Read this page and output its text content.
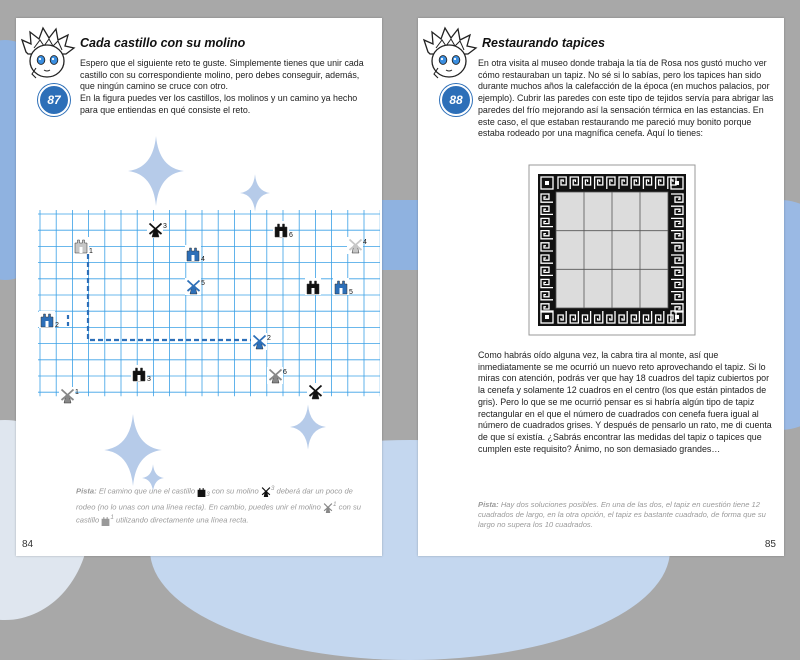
87
Cada castillo con su molino

Espero que el siguiente reto te guste. Simplemente tienes que unir cada castillo con su correspondiente molino, pero debes conseguir, además, que ningún camino se cruce con otro.

En la figura puedes ver los castillos, los molinos y un camino ya hecho para que entiendas en qué consiste el reto.

1
2
3
4
5
6
1
2
3
4
5
6
Pista: El camino que une el castillo $_3$ con su molino $^3$ deberá dar un poco de rodeo (no lo unas con una línea recta). En cambio, puedes unir el molino $^1$ con su castillo $^1$ utilizando directamente una línea recta.
84
88
Restaurando tapices
En otra visita al museo donde trabaja la tía de Rosa nos gustó mucho ver cómo restauraban un tapiz. No sé si lo sabías, pero los tapices han sido durante muchos años la calefacción de la época (en muchos palacios, por ejemplo). Cubrir las paredes con este tipo de tejidos servía para abrigar las paredes del frío mejorando así la sensación térmica en las estancias. En este caso, el que estaban restaurando me pareció muy bonito porque estaba rodeado por una magnífica cenefa. Aquí lo tienes:
Como habrás oído alguna vez, la cabra tira al monte, así que inmediatamente se me ocurrió un nuevo reto aprovechando el tapiz. Si lo miras con atención, podrás ver que hay 18 cuadros del tapiz cubiertos por la cenefa y solamente 12 cuadros en el centro (los que están pintados de gris). Pero lo que se me ocurrió pensar es si habría algún tipo de tapiz rectangular en el que el número de cuadrados con cenefa fuera igual al número de cuadrados grises. Y después de pensarlo un rato, me di cuenta de que sí existía. ¿Sabrás encontrar las medidas del tapiz o tapices que cumplen este requisito? Ánimo, no son demasiado grandes…
Pista: Hay dos soluciones posibles. En una de las dos, el tapiz en cuestión tiene 12 cuadrados de largo, en la otra opción, el tapiz es bastante cuadrado, de forma que su largo no supera los 10 cuadrados.
85
